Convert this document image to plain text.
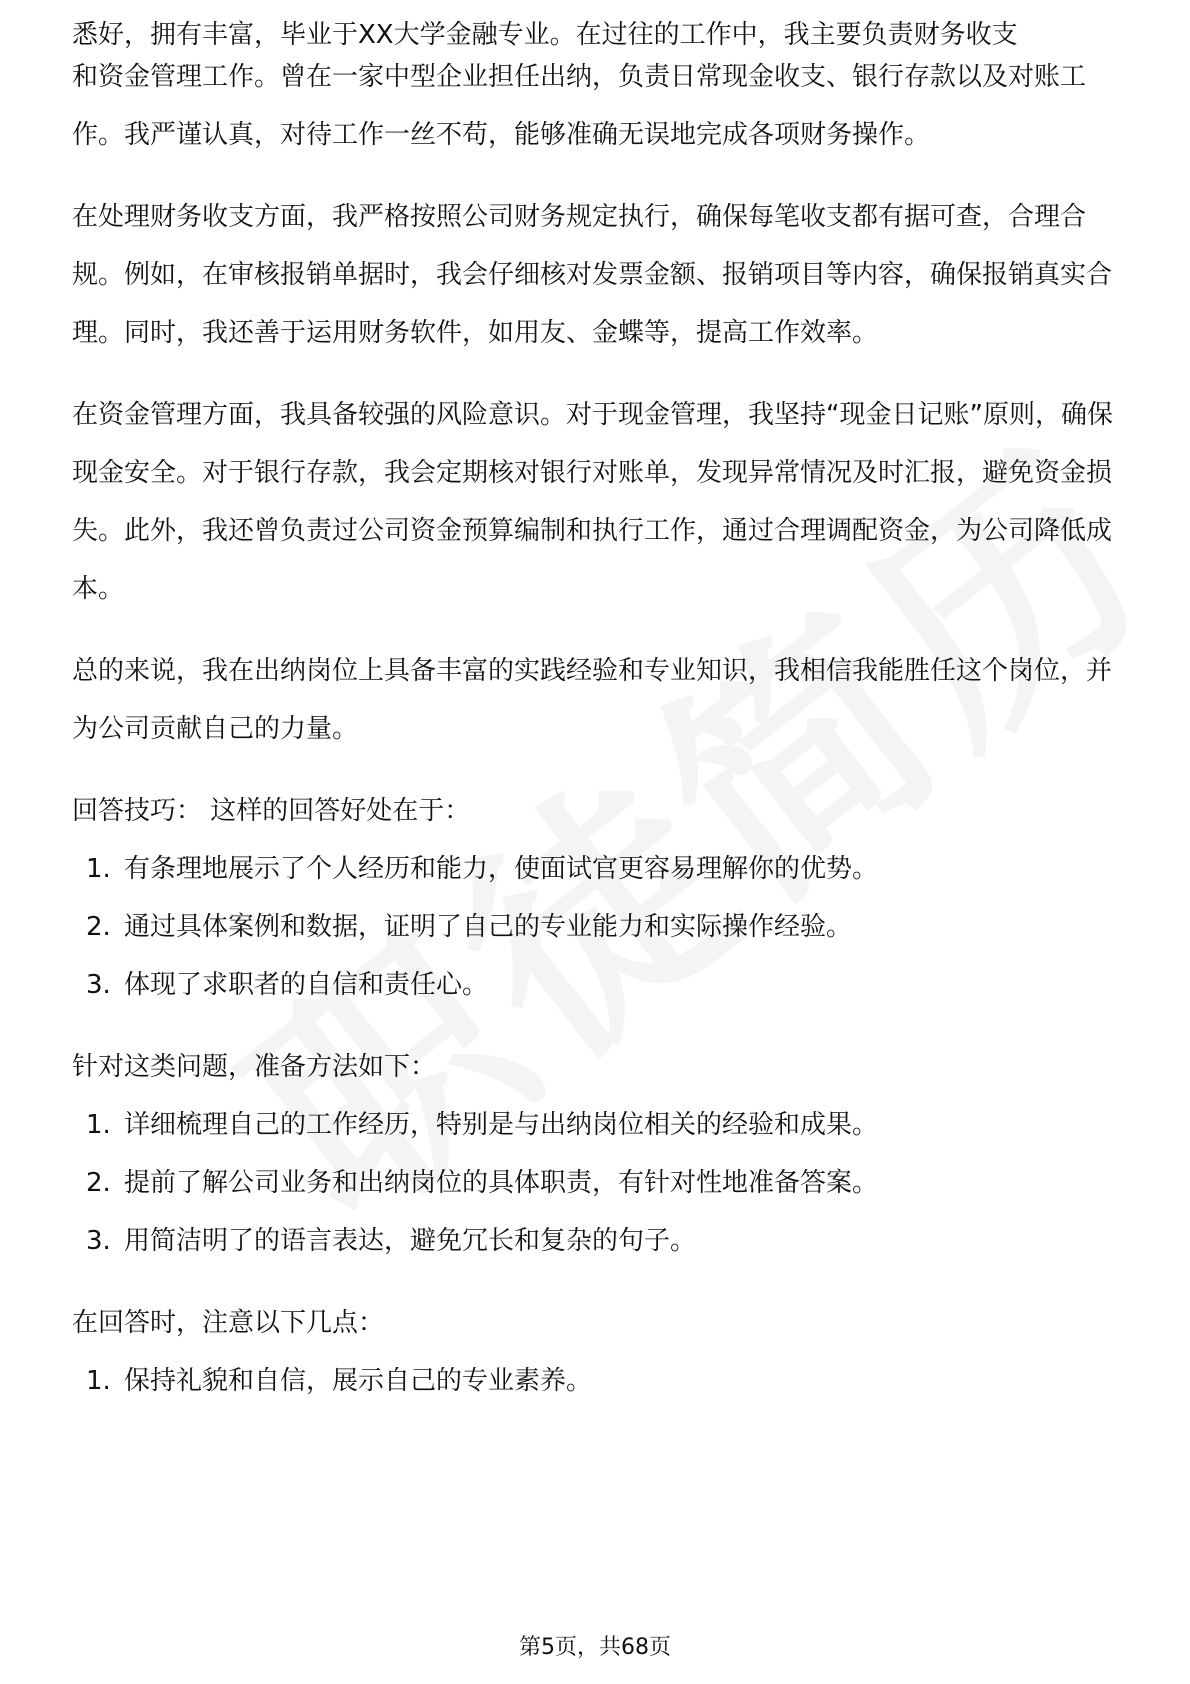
悉好，拥有丰富，毕业于XX大学金融专业。在过往的工作中，我主要负责财务收支

和资金管理工作。曾在一家中型企业担任出纳，负责日常现金收支、银行存款以及对账工作。我严谨认真，对待工作一丝不苟，能够准确无误地完成各项财务操作。

在处理财务收支方面，我严格按照公司财务规定执行，确保每笔收支都有据可查，合理合规。例如，在审核报销单据时，我会仔细核对发票金额、报销项目等内容，确保报销真实合理。同时，我还善于运用财务软件，如用友、金蝶等，提高工作效率。

在资金管理方面，我具备较强的风险意识。对于现金管理，我坚持“现金日记账”原则，确保现金安全。对于银行存款，我会定期核对银行对账单，发现异常情况及时汇报，避免资金损失。此外，我还曾负责过公司资金预算编制和执行工作，通过合理调配资金，为公司降低成本。

总的来说，我在出纳岗位上具备丰富的实践经验和专业知识，我相信我能胜任这个岗位，并为公司贡献自己的力量。

回答技巧： 这样的回答好处在于：

1. 有条理地展示了个人经历和能力，使面试官更容易理解你的优势。
2. 通过具体案例和数据，证明了自己的专业能力和实际操作经验。
3. 体现了求职者的自信和责任心。

针对这类问题，准备方法如下：

1. 详细梳理自己的工作经历，特别是与出纳岗位相关的经验和成果。
2. 提前了解公司业务和出纳岗位的具体职责，有针对性地准备答案。
3. 用简洁明了的语言表达，避免冗长和复杂的句子。

在回答时，注意以下几点：

1. 保持礼貌和自信，展示自己的专业素养。
第5页，共68页
